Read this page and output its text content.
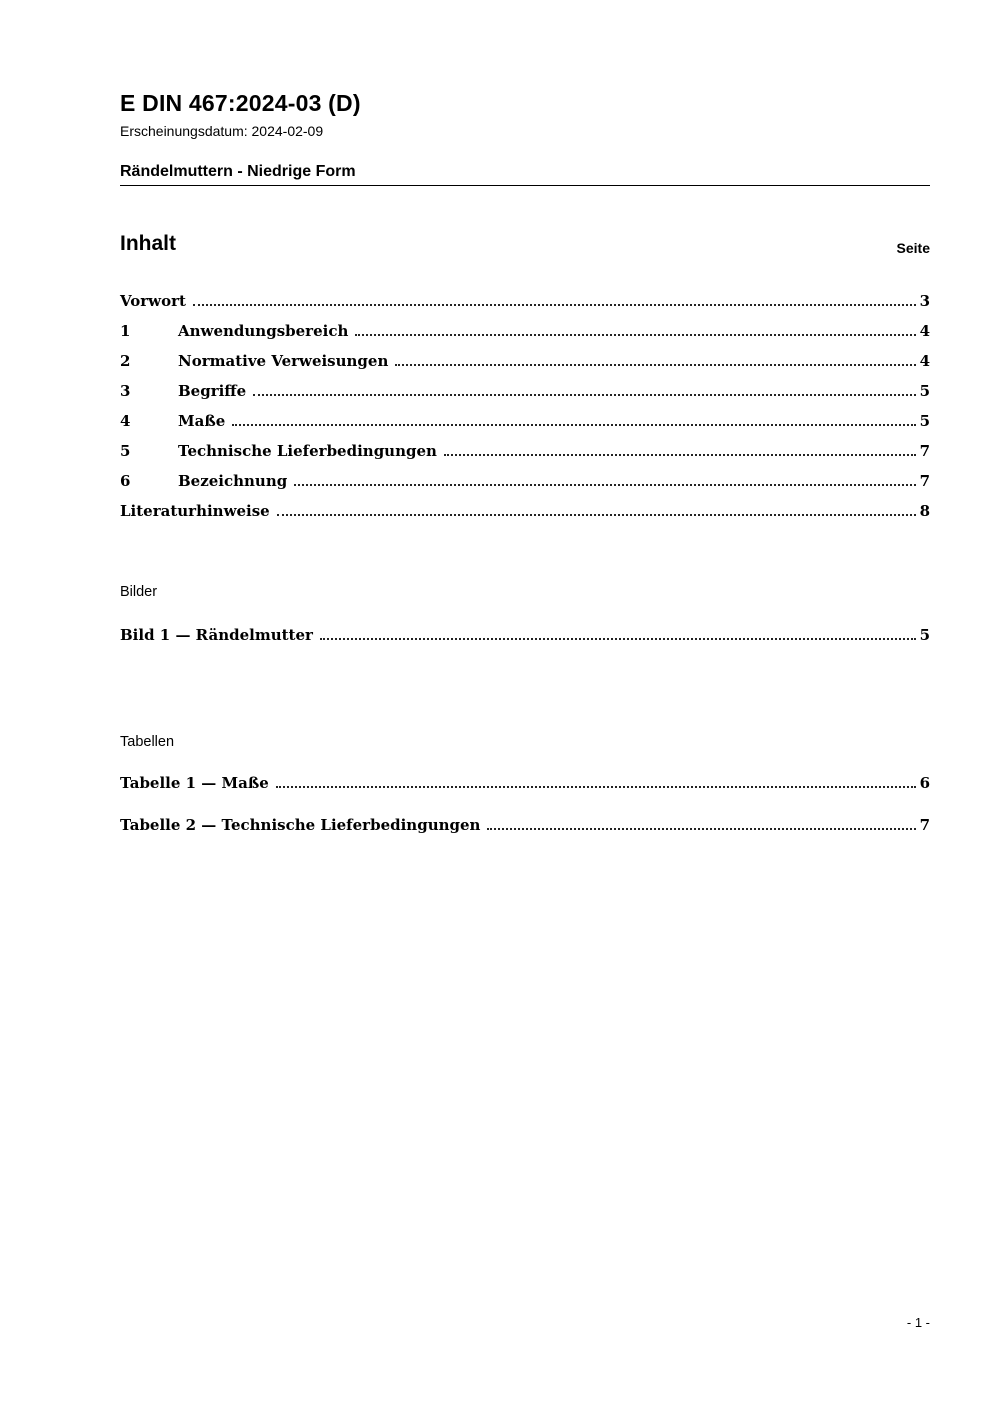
E DIN 467:2024-03 (D)
Erscheinungsdatum: 2024-02-09
Rändelmuttern - Niedrige Form
Inhalt	Seite
Vorwort	3
1	Anwendungsbereich	4
2	Normative Verweisungen	4
3	Begriffe	5
4	Maße	5
5	Technische Lieferbedingungen	7
6	Bezeichnung	7
Literaturhinweise	8
Bilder
Bild 1 — Rändelmutter	5
Tabellen
Tabelle 1 — Maße	6
Tabelle 2 — Technische Lieferbedingungen	7
- 1 -
